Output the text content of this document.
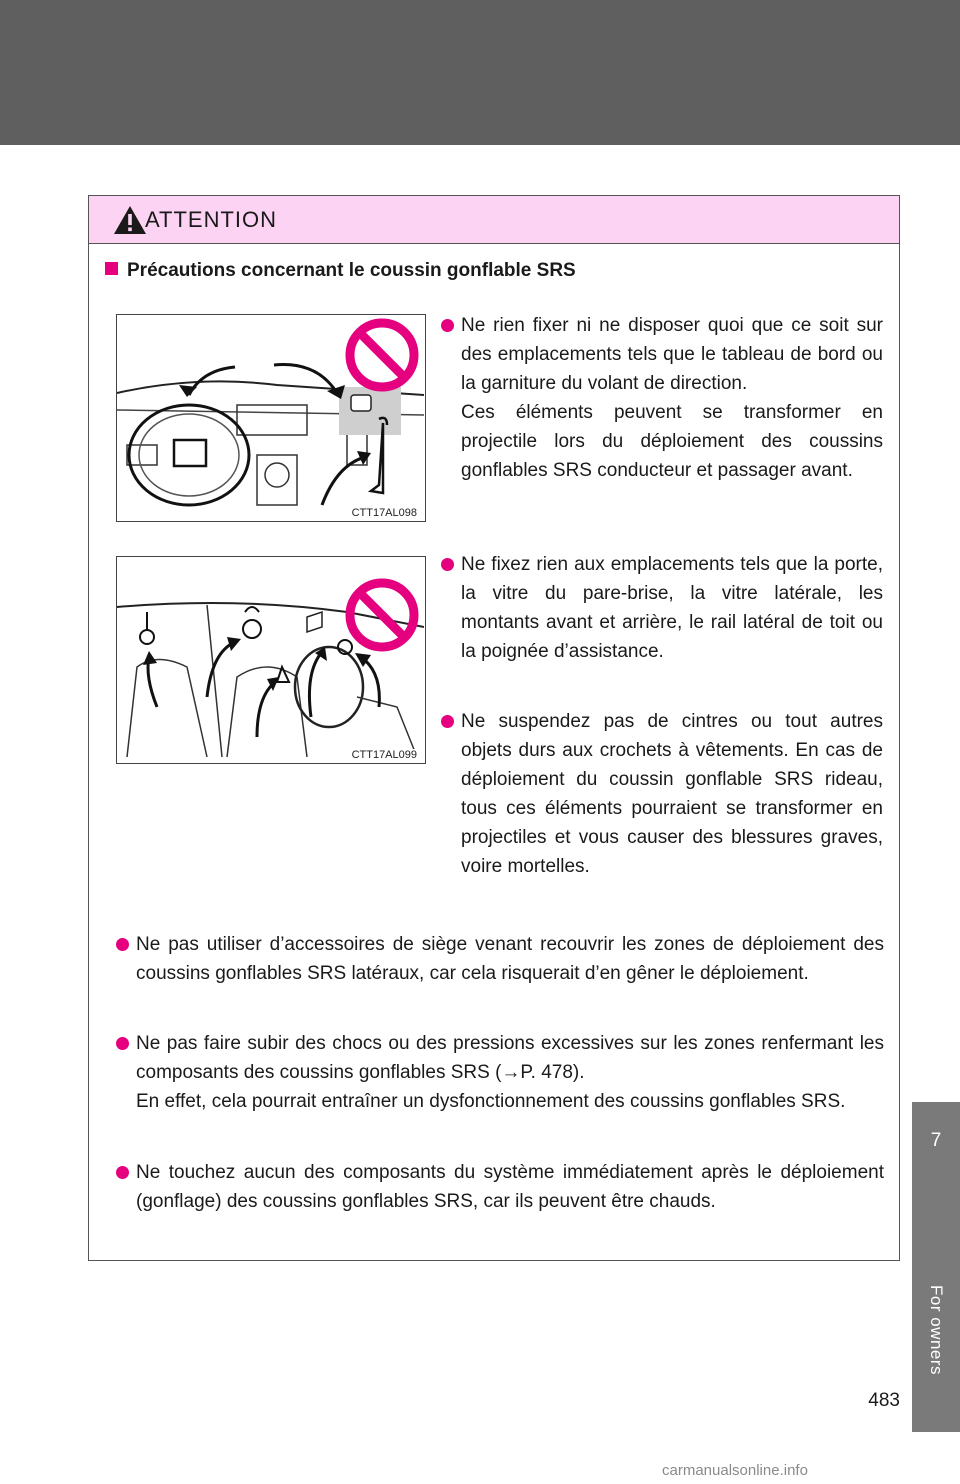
ATTENTION
Précautions concernant le coussin gonflable SRS
CTT17AL098
CTT17AL099

Ne rien fixer ni ne disposer quoi que ce soit sur des emplacements tels que le tableau de bord ou la garniture du volant de direction.

Ces éléments peuvent se transformer en projectile lors du déploiement des coussins gonflables SRS conducteur et passager avant.

Ne fixez rien aux emplacements tels que la porte, la vitre du pare-brise, la vitre latérale, les montants avant et arrière, le rail latéral de toit ou la poignée d’assistance.

Ne suspendez pas de cintres ou tout autres objets durs aux crochets à vêtements. En cas de déploiement du coussin gonflable SRS rideau, tous ces éléments pourraient se transformer en projectiles et vous causer des blessures graves, voire mortelles.

Ne pas utiliser d’accessoires de siège venant recouvrir les zones de déploiement des coussins gonflables SRS latéraux, car cela risquerait d’en gêner le déploiement.

Ne pas faire subir des chocs ou des pressions excessives sur les zones renfermant les composants des coussins gonflables SRS (→P. 478).

En effet, cela pourrait entraîner un dysfonctionnement des coussins gonflables SRS.

Ne touchez aucun des composants du système immédiatement après le déploiement (gonflage) des coussins gonflables SRS, car ils peuvent être chauds.

7
For owners
483
carmanualsonline.info
